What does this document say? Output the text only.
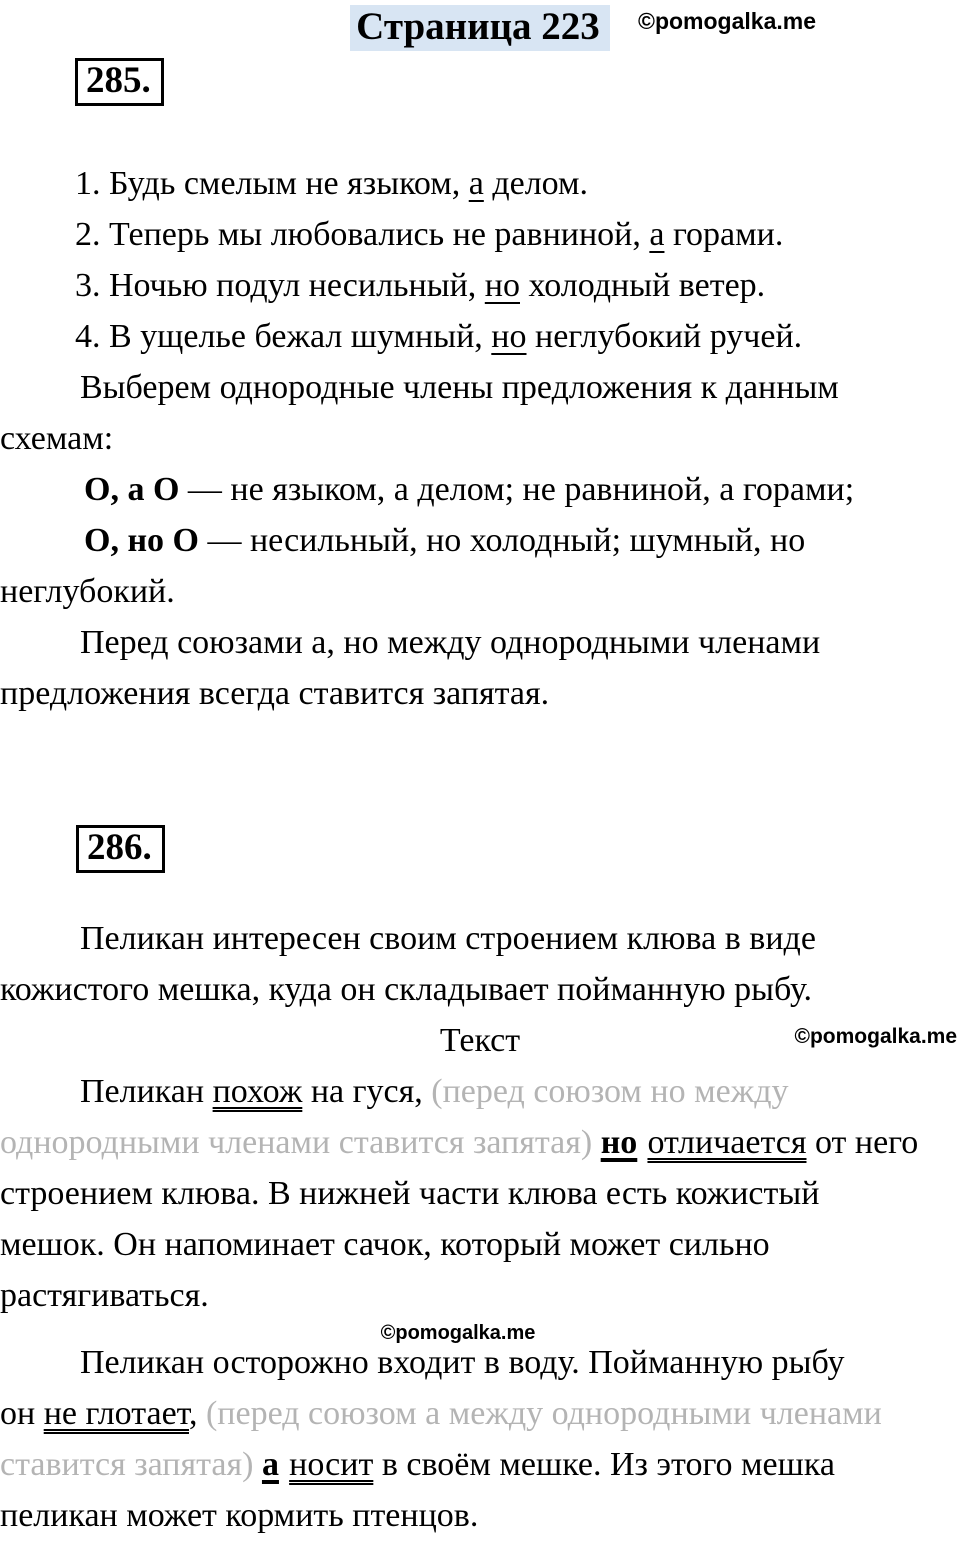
Страница 223 ©pomogalka.me
285.
1. Будь смелым не языком, а делом.
2. Теперь мы любовались не равниной, а горами.
3. Ночью подул несильный, но холодный ветер.
4. В ущелье бежал шумный, но неглубокий ручей.
Выберем однородные члены предложения к данным
схемам:
О, а О — не языком, а делом; не равниной, а горами;
О, но О — несильный, но холодный; шумный, но
неглубокий.
Перед союзами а, но между однородными членами
предложения всегда ставится запятая.
286.
Пеликан интересен своим строением клюва в виде
кожистого мешка, куда он складывает пойманную рыбу.
Текст	©pomogalka.me
Пеликан похож на гуся, (перед союзом но между
однородными членами ставится запятая) но отличается от него
строением клюва. В нижней части клюва есть кожистый
мешок. Он напоминает сачок, который может сильно
растягиваться.
©pomogalka.me
Пеликан осторожно входит в воду. Пойманную рыбу
он не глотает, (перед союзом а между однородными членами
ставится запятая) а носит в своём мешке. Из этого мешка
пеликан может кормить птенцов.
